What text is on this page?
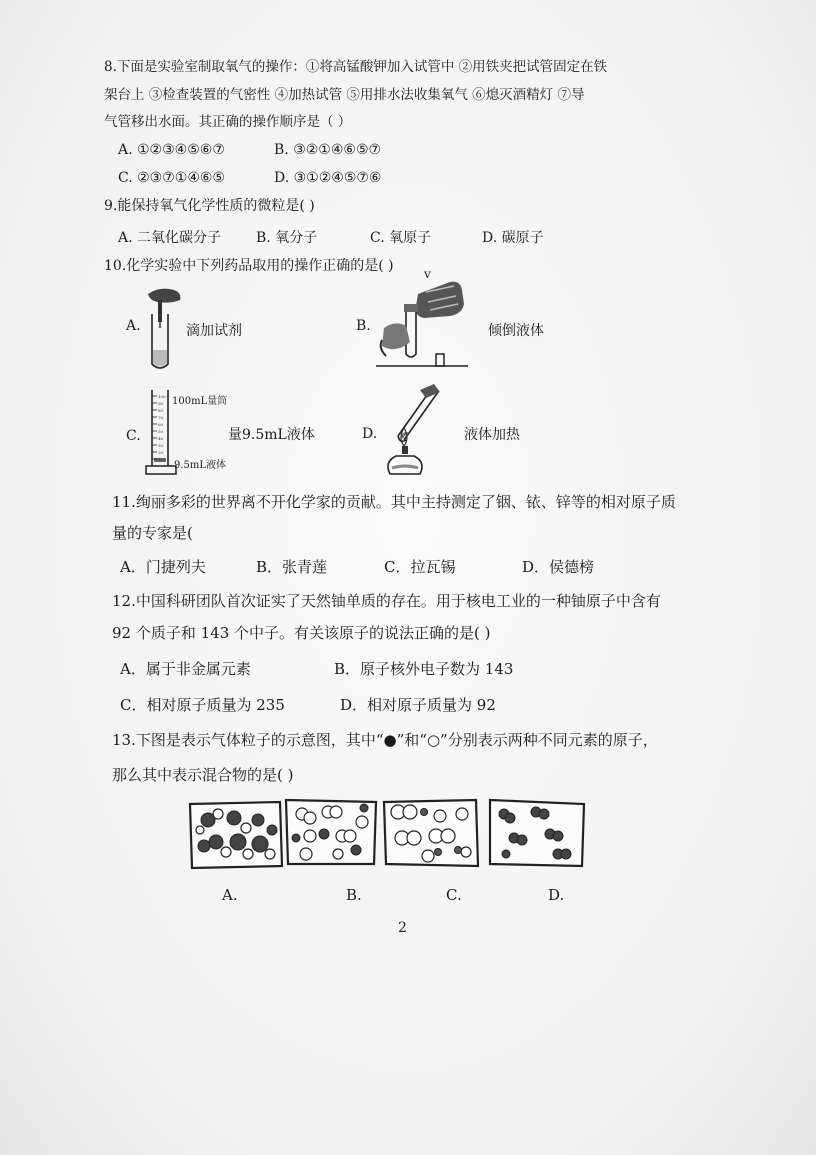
8.下面是实验室制取氧气的操作：①将高锰酸钾加入试管中 ②用铁夹把试管固定在铁
架台上 ③检查装置的气密性 ④加热试管 ⑤用排水法收集氧气 ⑥熄灭酒精灯 ⑦导
气管移出水面。其正确的操作顺序是（ ）
A. ①②③④⑤⑥⑦	B. ③②①④⑥⑤⑦
C. ②③⑦①④⑥⑤	D. ③①②④⑤⑦⑥
9.能保持氧气化学性质的微粒是( )
A. 二氧化碳分子 B. 氧分子	C. 氧原子	D. 碳原子
10.化学实验中下列药品取用的操作正确的是( )
A.	滴加试剂	B.
v
倾倒液体
C.
100
90
80
70
60
50
40
30
20
10
100mL量筒
9.5mL液体
量9.5mL液体	D.	液体加热
11.绚丽多彩的世界离不开化学家的贡献。其中主持测定了铟、铱、锌等的相对原子质
量的专家是(
A．门捷列夫	B．张青莲	C．拉瓦锡	D．侯德榜
12.中国科研团队首次证实了天然铀单质的存在。用于核电工业的一种铀原子中含有
92 个质子和 143 个中子。有关该原子的说法正确的是( )
A．属于非金属元素	B．原子核外电子数为 143
C．相对原子质量为 235	D．相对原子质量为 92
13.下图是表示气体粒子的示意图，其中“●”和“○”分别表示两种不同元素的原子，
那么其中表示混合物的是( )
A.	B.	C.	D.
2
